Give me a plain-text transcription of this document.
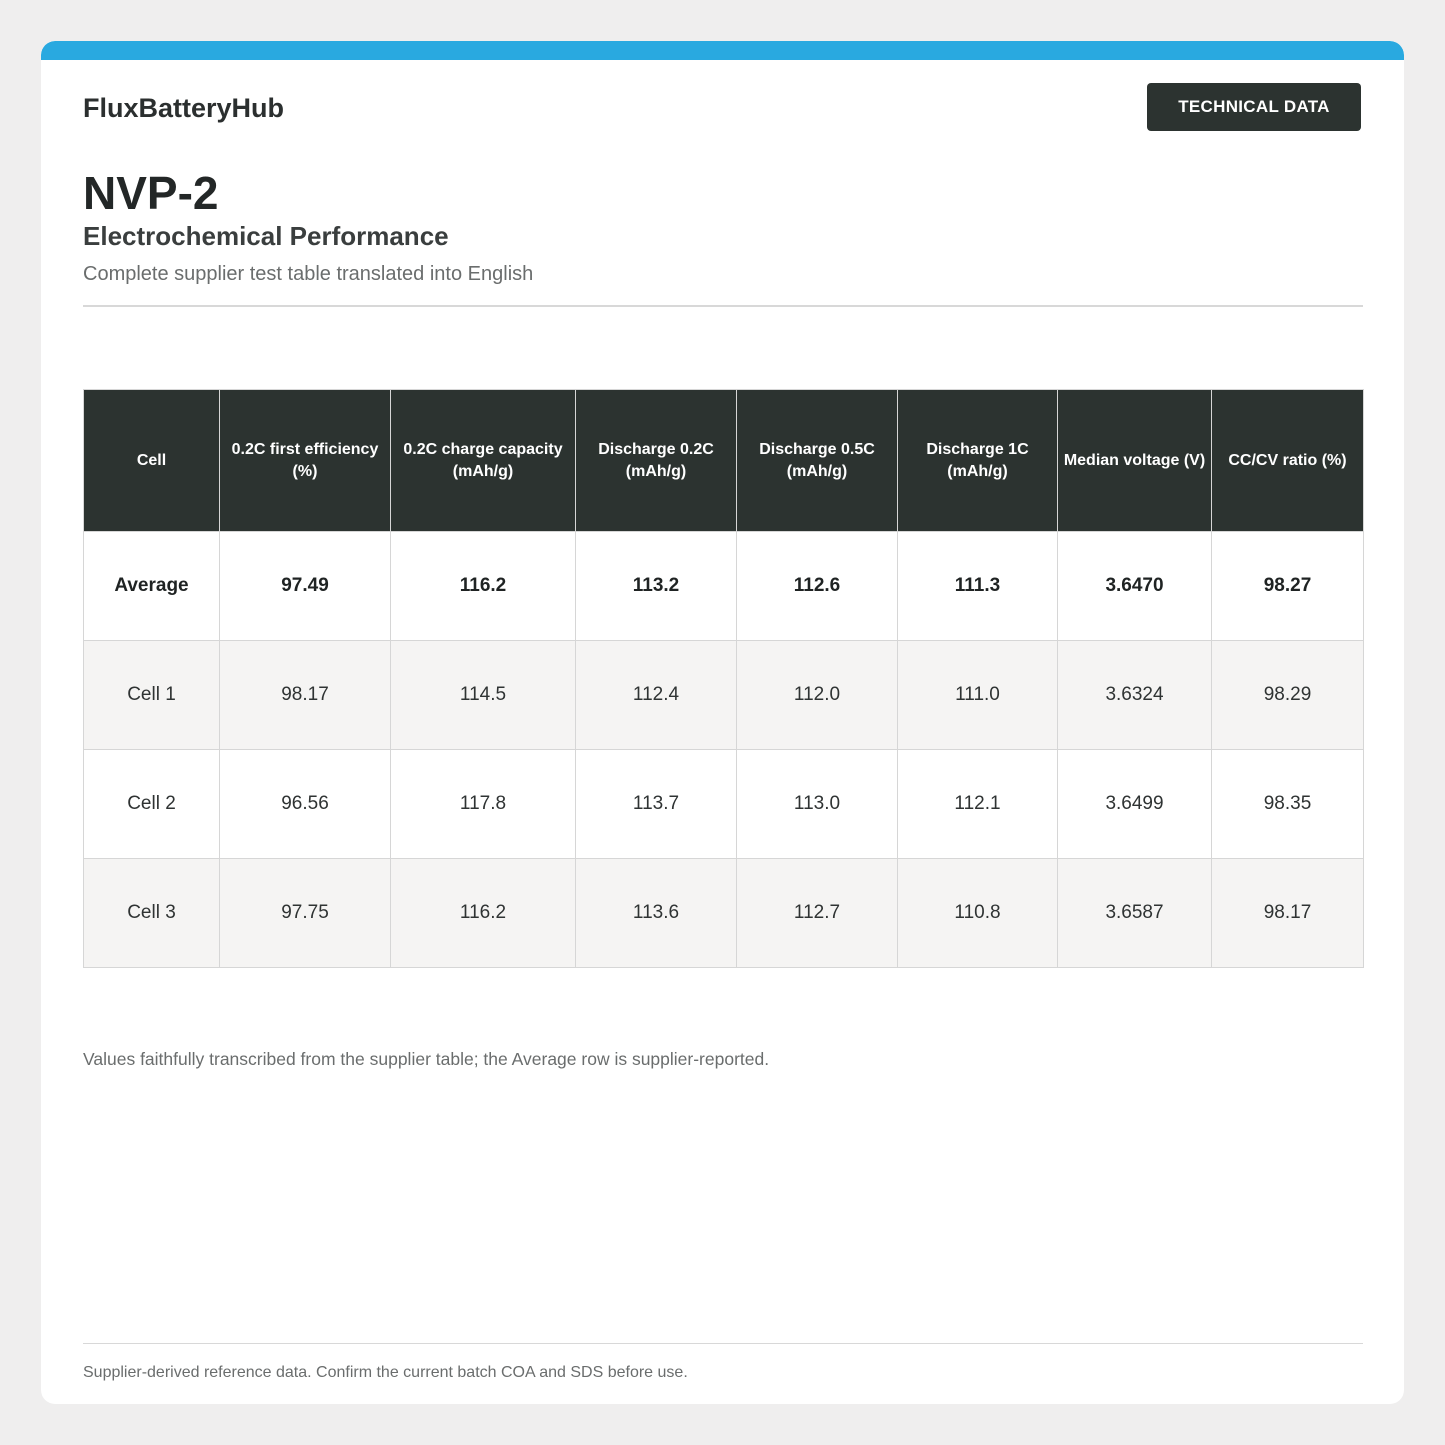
FluxBatteryHub	TECHNICAL DATA
NVP-2
Electrochemical Performance
Complete supplier test table translated into English
Cell	0.2C first efficiency (%)	0.2C charge capacity (mAh/g)	Discharge 0.2C (mAh/g)	Discharge 0.5C (mAh/g)	Discharge 1C (mAh/g)	Median voltage (V)	CC/CV ratio (%)
Average	97.49	116.2	113.2	112.6	111.3	3.6470	98.27
Cell 1	98.17	114.5	112.4	112.0	111.0	3.6324	98.29
Cell 2	96.56	117.8	113.7	113.0	112.1	3.6499	98.35
Cell 3	97.75	116.2	113.6	112.7	110.8	3.6587	98.17
Values faithfully transcribed from the supplier table; the Average row is supplier-reported.
Supplier-derived reference data. Confirm the current batch COA and SDS before use.
